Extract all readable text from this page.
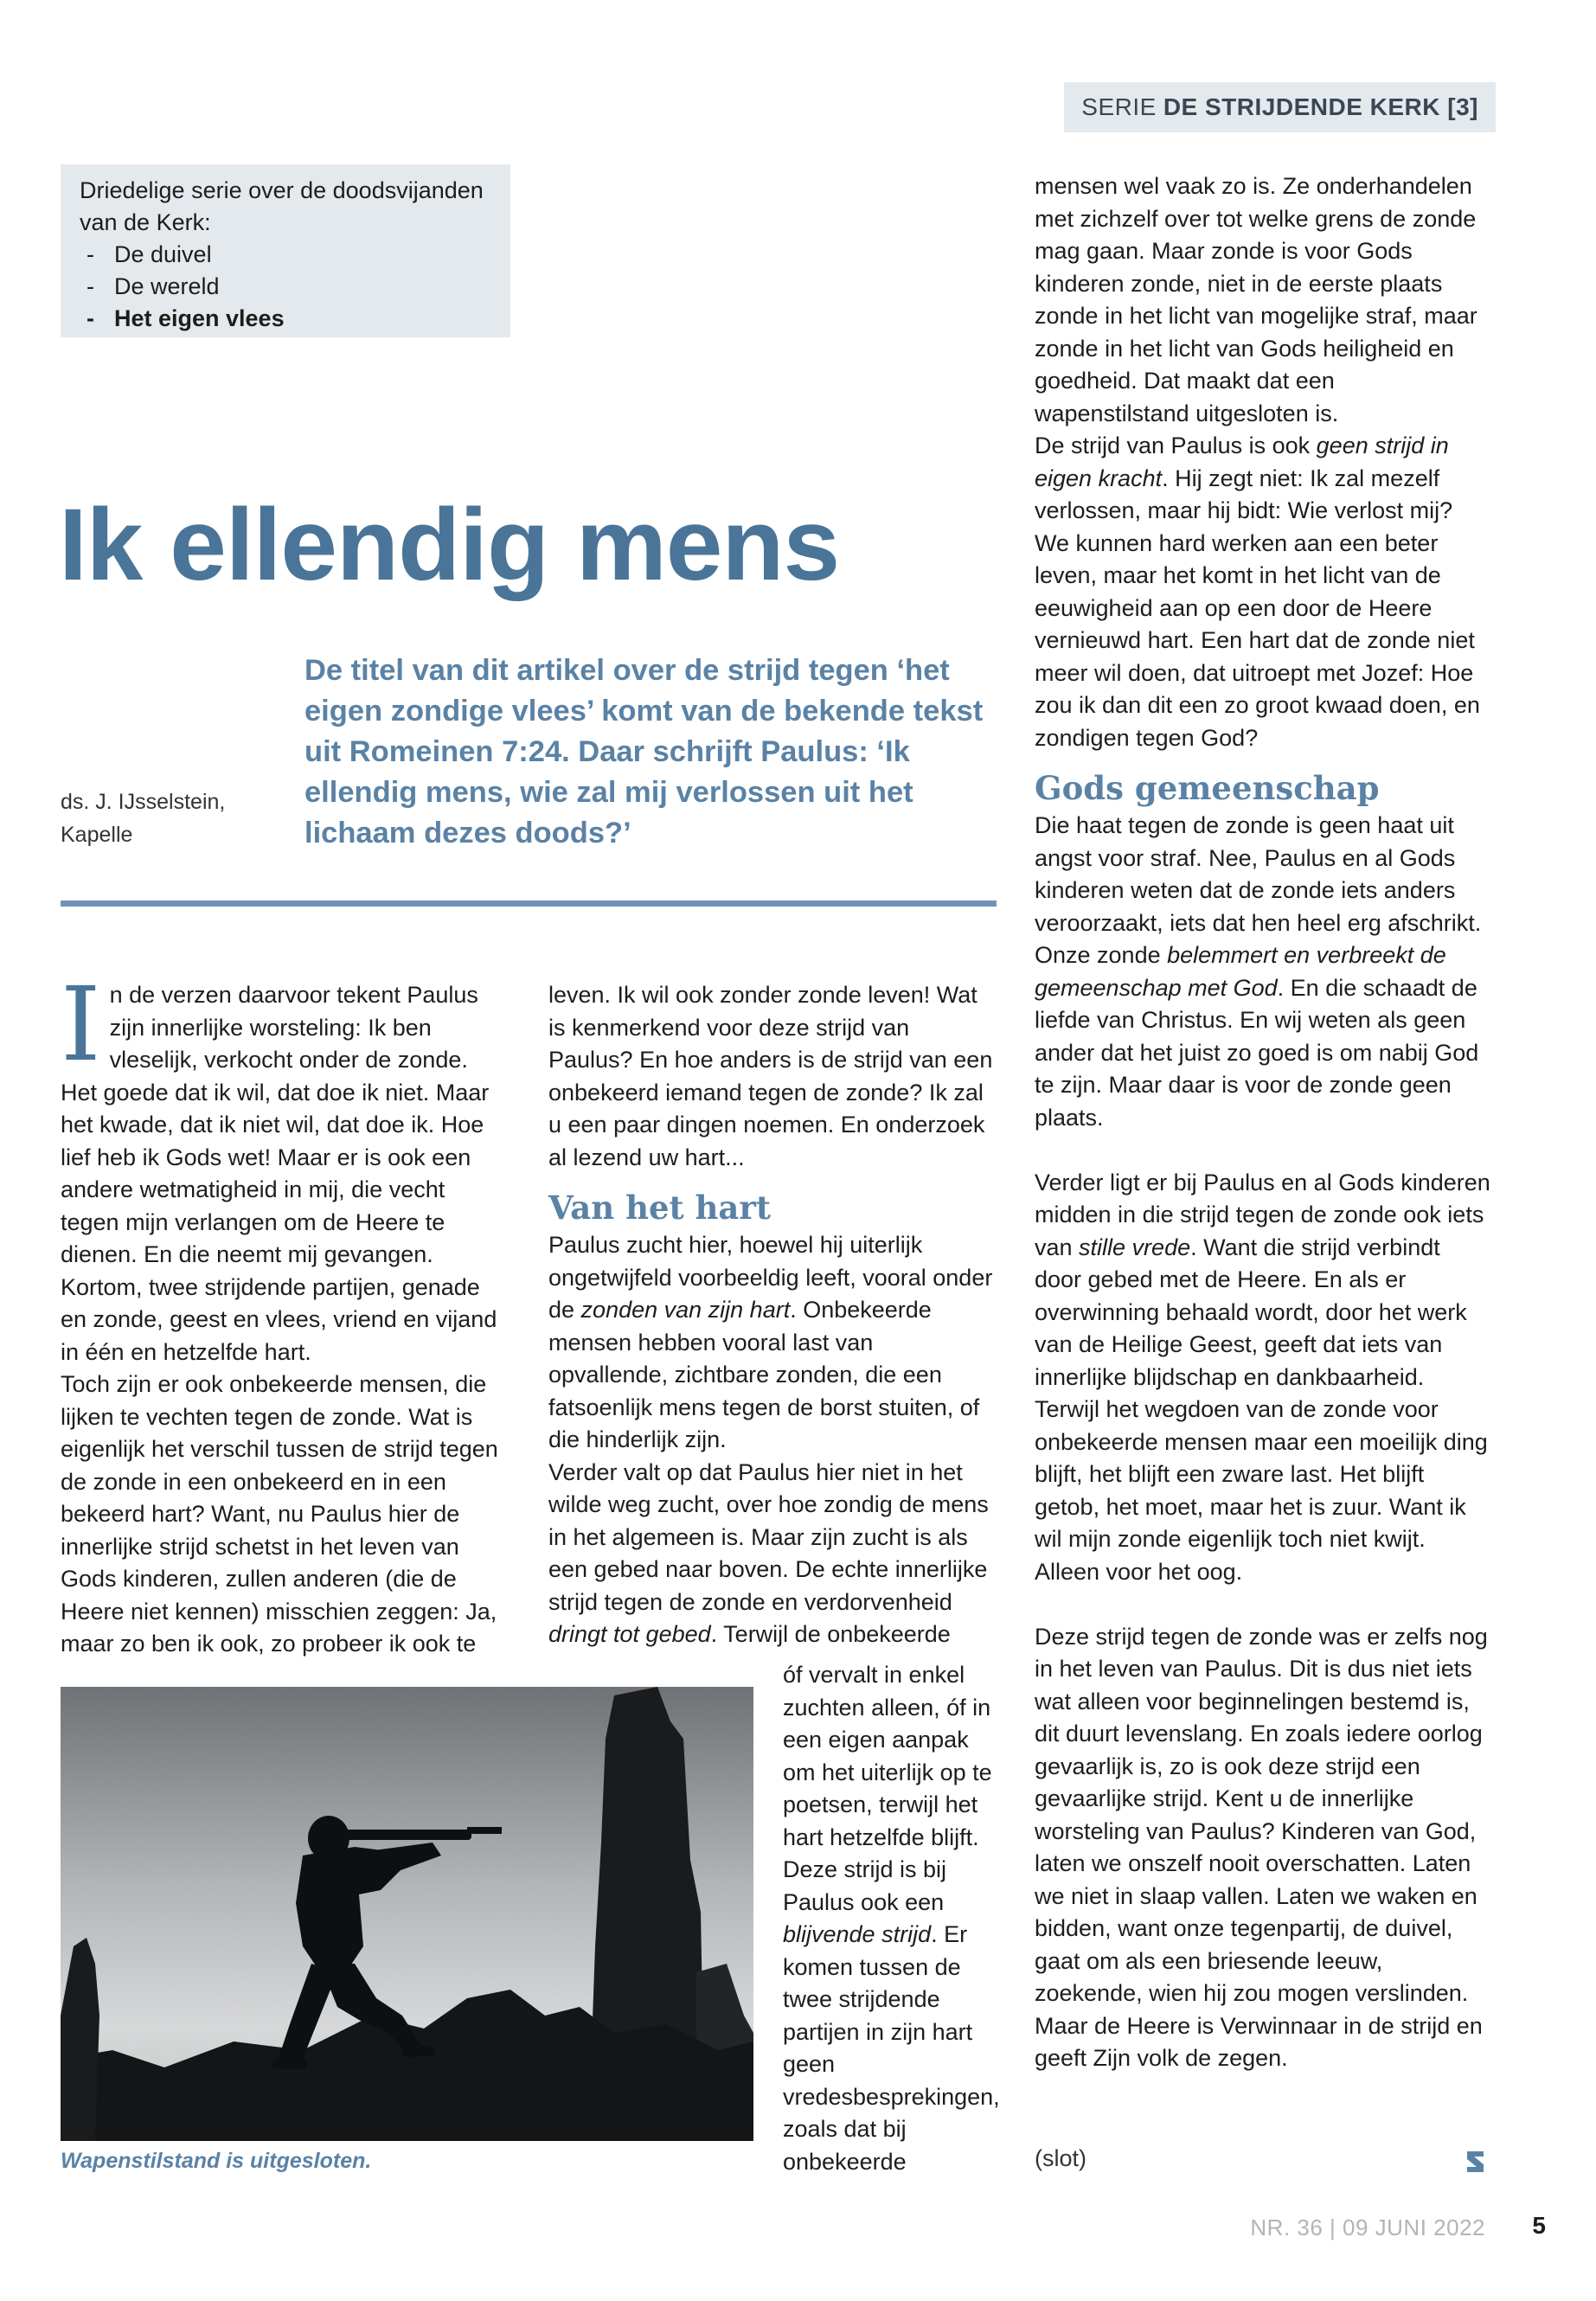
SERIE DE STRIJDENDE KERK [3]
Driedelige serie over de doodsvijanden van de Kerk:
- De duivel
- De wereld
- Het eigen vlees
Ik ellendig mens
ds. J. IJsselstein,
Kapelle
De titel van dit artikel over de strijd tegen ‘het eigen zondige vlees’ komt van de bekende tekst uit Romeinen 7:24. Daar schrijft Paulus: ‘Ik ellendig mens, wie zal mij verlossen uit het lichaam dezes doods?’

In de verzen daarvoor tekent Paulus zijn innerlijke worsteling: Ik ben vleselijk, verkocht onder de zonde. Het goede dat ik wil, dat doe ik niet. Maar het kwade, dat ik niet wil, dat doe ik. Hoe lief heb ik Gods wet! Maar er is ook een andere wetmatigheid in mij, die vecht tegen mijn verlangen om de Heere te dienen. En die neemt mij gevangen. Kortom, twee strijdende partijen, genade en zonde, geest en vlees, vriend en vijand in één en hetzelfde hart.

Toch zijn er ook onbekeerde mensen, die lijken te vechten tegen de zonde. Wat is eigenlijk het verschil tussen de strijd tegen de zonde in een onbekeerd en in een bekeerd hart? Want, nu Paulus hier de innerlijke strijd schetst in het leven van Gods kinderen, zullen anderen (die de Heere niet kennen) misschien zeggen: Ja, maar zo ben ik ook, zo probeer ik ook te

leven. Ik wil ook zonder zonde leven! Wat is kenmerkend voor deze strijd van Paulus? En hoe anders is de strijd van een onbekeerd iemand tegen de zonde? Ik zal u een paar dingen noemen. En onderzoek al lezend uw hart...

Van het hart

Paulus zucht hier, hoewel hij uiterlijk ongetwijfeld voorbeeldig leeft, vooral onder de zonden van zijn hart. Onbekeerde mensen hebben vooral last van opvallende, zichtbare zonden, die een fatsoenlijk mens tegen de borst stuiten, of die hinderlijk zijn.

Verder valt op dat Paulus hier niet in het wilde weg zucht, over hoe zondig de mens in het algemeen is. Maar zijn zucht is als een gebed naar boven. De echte innerlijke strijd tegen de zonde en verdorvenheid dringt tot gebed. Terwijl de onbekeerde

óf vervalt in enkel zuchten alleen, óf in een eigen aanpak om het uiterlijk op te poetsen, terwijl het hart hetzelfde blijft.

Deze strijd is bij Paulus ook een blijvende strijd. Er komen tussen de twee strijdende partijen in zijn hart geen vredesbesprekingen, zoals dat bij onbekeerde

Wapenstilstand is uitgesloten.

mensen wel vaak zo is. Ze onderhandelen met zichzelf over tot welke grens de zonde mag gaan. Maar zonde is voor Gods kinderen zonde, niet in de eerste plaats zonde in het licht van mogelijke straf, maar zonde in het licht van Gods heiligheid en goedheid. Dat maakt dat een wapenstilstand uitgesloten is.

De strijd van Paulus is ook geen strijd in eigen kracht. Hij zegt niet: Ik zal mezelf verlossen, maar hij bidt: Wie verlost mij? We kunnen hard werken aan een beter leven, maar het komt in het licht van de eeuwigheid aan op een door de Heere vernieuwd hart. Een hart dat de zonde niet meer wil doen, dat uitroept met Jozef: Hoe zou ik dan dit een zo groot kwaad doen, en zondigen tegen God?

Gods gemeenschap

Die haat tegen de zonde is geen haat uit angst voor straf. Nee, Paulus en al Gods kinderen weten dat de zonde iets anders veroorzaakt, iets dat hen heel erg afschrikt. Onze zonde belemmert en verbreekt de gemeenschap met God. En die schaadt de liefde van Christus. En wij weten als geen ander dat het juist zo goed is om nabij God te zijn. Maar daar is voor de zonde geen plaats.

Verder ligt er bij Paulus en al Gods kinderen midden in die strijd tegen de zonde ook iets van stille vrede. Want die strijd verbindt door gebed met de Heere. En als er overwinning behaald wordt, door het werk van de Heilige Geest, geeft dat iets van innerlijke blijdschap en dankbaarheid. Terwijl het wegdoen van de zonde voor onbekeerde mensen maar een moeilijk ding blijft, het blijft een zware last. Het blijft getob, het moet, maar het is zuur. Want ik wil mijn zonde eigenlijk toch niet kwijt. Alleen voor het oog.

Deze strijd tegen de zonde was er zelfs nog in het leven van Paulus. Dit is dus niet iets wat alleen voor beginnelingen bestemd is, dit duurt levenslang. En zoals iedere oorlog gevaarlijk is, zo is ook deze strijd een gevaarlijke strijd. Kent u de innerlijke worsteling van Paulus? Kinderen van God, laten we onszelf nooit overschatten. Laten we niet in slaap vallen. Laten we waken en bidden, want onze tegenpartij, de duivel, gaat om als een briesende leeuw, zoekende, wien hij zou mogen verslinden.

Maar de Heere is Verwinnaar in de strijd en geeft Zijn volk de zegen.

(slot)
NR. 36 | 09 JUNI 2022 5
